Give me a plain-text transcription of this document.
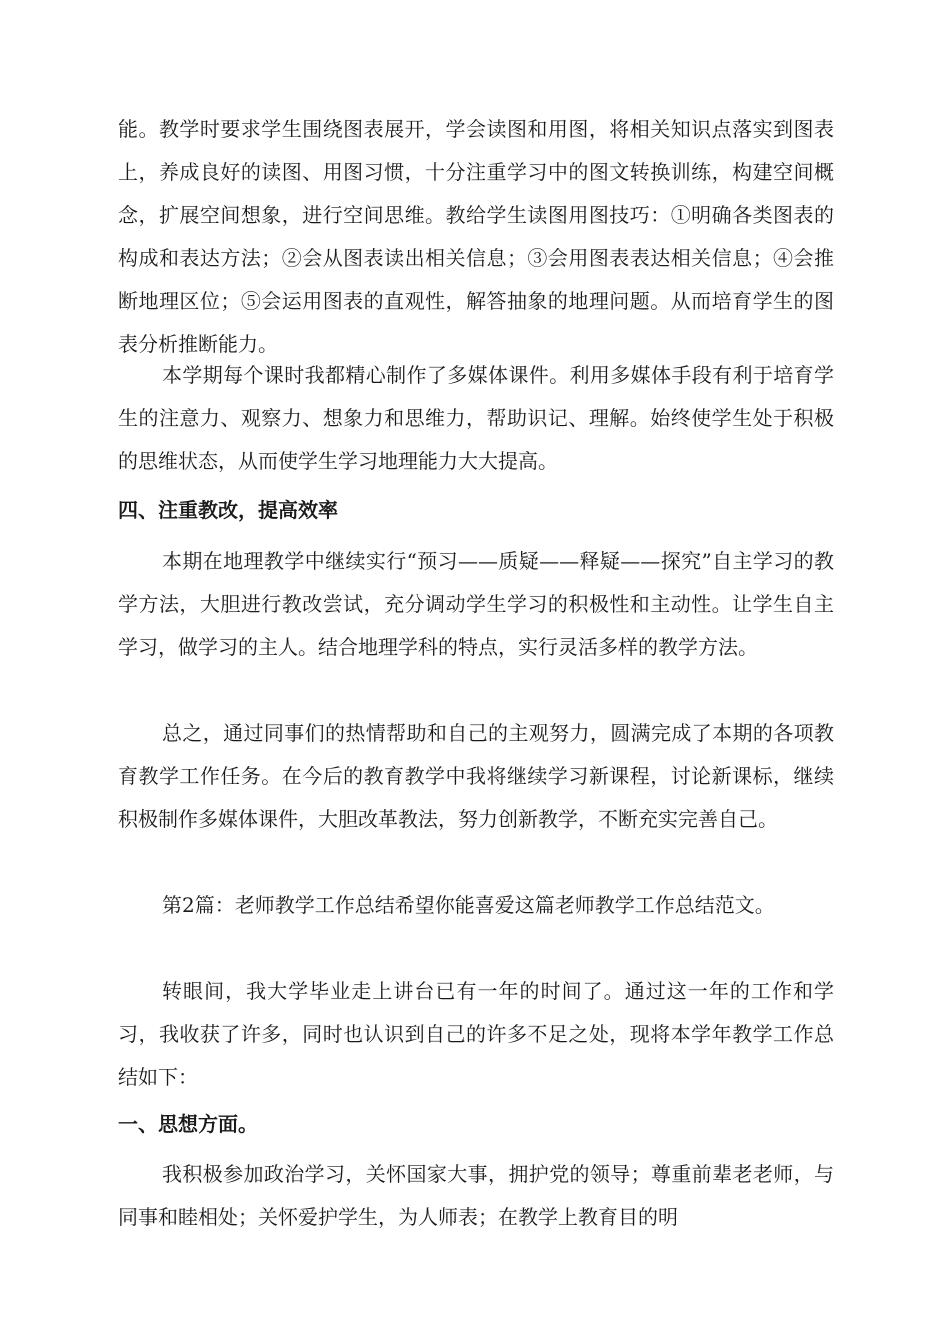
能。教学时要求学生围绕图表展开，学会读图和用图，将相关知识点落实到图表上，养成良好的读图、用图习惯，十分注重学习中的图文转换训练，构建空间概念，扩展空间想象，进行空间思维。教给学生读图用图技巧：①明确各类图表的构成和表达方法；②会从图表读出相关信息；③会用图表表达相关信息；④会推断地理区位；⑤会运用图表的直观性，解答抽象的地理问题。从而培育学生的图表分析推断能力。

本学期每个课时我都精心制作了多媒体课件。利用多媒体手段有利于培育学生的注意力、观察力、想象力和思维力，帮助识记、理解。始终使学生处于积极的思维状态，从而使学生学习地理能力大大提高。

四、注重教改，提高效率

本期在地理教学中继续实行“预习——质疑——释疑——探究”自主学习的教学方法，大胆进行教改尝试，充分调动学生学习的积极性和主动性。让学生自主学习，做学习的主人。结合地理学科的特点，实行灵活多样的教学方法。

总之，通过同事们的热情帮助和自己的主观努力，圆满完成了本期的各项教育教学工作任务。在今后的教育教学中我将继续学习新课程，讨论新课标，继续积极制作多媒体课件，大胆改革教法，努力创新教学，不断充实完善自己。

第2篇：老师教学工作总结希望你能喜爱这篇老师教学工作总结范文。

转眼间，我大学毕业走上讲台已有一年的时间了。通过这一年的工作和学习，我收获了许多，同时也认识到自己的许多不足之处，现将本学年教学工作总结如下：

一、思想方面。

我积极参加政治学习，关怀国家大事，拥护党的领导；尊重前辈老老师，与同事和睦相处；关怀爱护学生，为人师表；在教学上教育目的明
